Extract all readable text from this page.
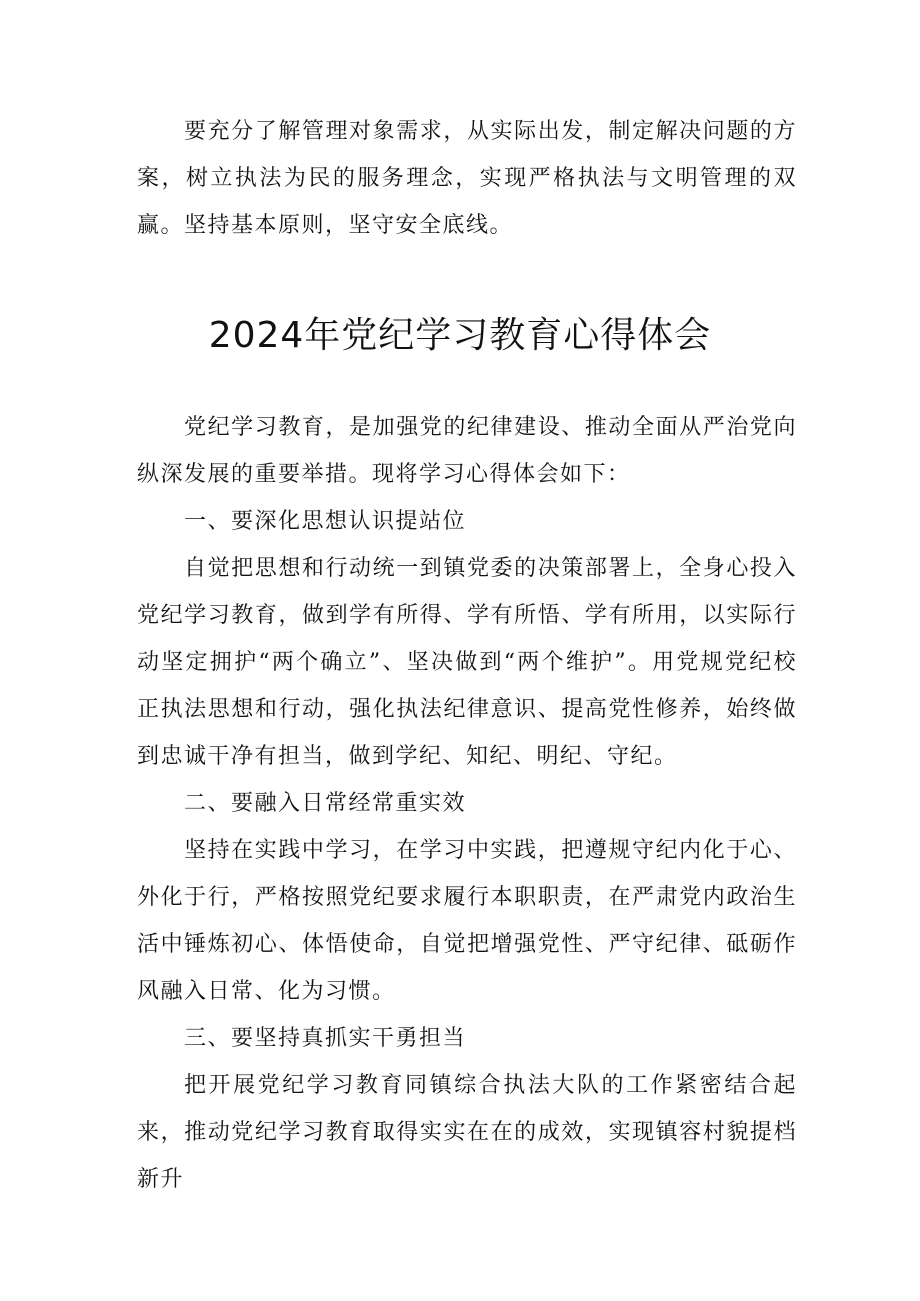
要充分了解管理对象需求，从实际出发，制定解决问题的方案，树立执法为民的服务理念，实现严格执法与文明管理的双赢。坚持基本原则，坚守安全底线。

2024年党纪学习教育心得体会

党纪学习教育，是加强党的纪律建设、推动全面从严治党向纵深发展的重要举措。现将学习心得体会如下：

一、要深化思想认识提站位

自觉把思想和行动统一到镇党委的决策部署上，全身心投入党纪学习教育，做到学有所得、学有所悟、学有所用，以实际行动坚定拥护“两个确立”、坚决做到“两个维护”。用党规党纪校正执法思想和行动，强化执法纪律意识、提高党性修养，始终做到忠诚干净有担当，做到学纪、知纪、明纪、守纪。

二、要融入日常经常重实效

坚持在实践中学习，在学习中实践，把遵规守纪内化于心、外化于行，严格按照党纪要求履行本职职责，在严肃党内政治生活中锤炼初心、体悟使命，自觉把增强党性、严守纪律、砥砺作风融入日常、化为习惯。

三、要坚持真抓实干勇担当

把开展党纪学习教育同镇综合执法大队的工作紧密结合起来，推动党纪学习教育取得实实在在的成效，实现镇容村貌提档新升
